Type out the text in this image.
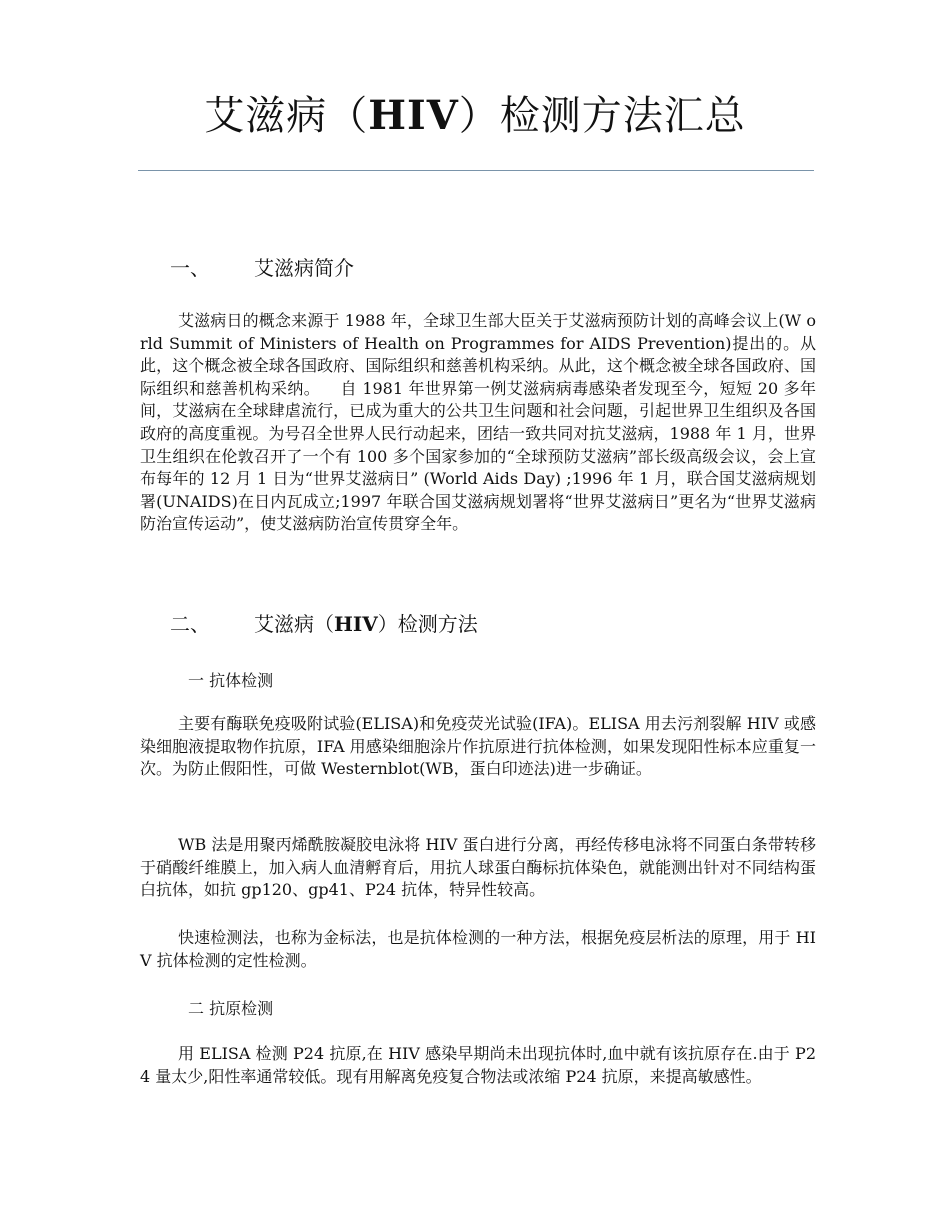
艾滋病（HIV）检测方法汇总
一、 艾滋病简介
艾滋病日的概念来源于 1988 年，全球卫生部大臣关于艾滋病预防计划的高峰会议上(W orld Summit of Ministers of Health on Programmes for AIDS Prevention)提出的。从此，这个概念被全球各国政府、国际组织和慈善机构采纳。从此，这个概念被全球各国政府、国际组织和慈善机构采纳。 自 1981 年世界第一例艾滋病病毒感染者发现至今，短短 20 多年间，艾滋病在全球肆虐流行，已成为重大的公共卫生问题和社会问题，引起世界卫生组织及各国政府的高度重视。为号召全世界人民行动起来，团结一致共同对抗艾滋病，1988 年 1 月，世界卫生组织在伦敦召开了一个有 100 多个国家参加的“全球预防艾滋病”部长级高级会议，会上宣布每年的 12 月 1 日为“世界艾滋病日” (World Aids Day) ;1996 年 1 月，联合国艾滋病规划署(UNAIDS)在日内瓦成立;1997 年联合国艾滋病规划署将“世界艾滋病日”更名为“世界艾滋病防治宣传运动”，使艾滋病防治宣传贯穿全年。
二、 艾滋病（HIV）检测方法
一 抗体检测
主要有酶联免疫吸附试验(ELISA)和免疫荧光试验(IFA)。ELISA 用去污剂裂解 HIV 或感染细胞液提取物作抗原，IFA 用感染细胞涂片作抗原进行抗体检测，如果发现阳性标本应重复一次。为防止假阳性，可做 Westernblot(WB，蛋白印迹法)进一步确证。
WB 法是用聚丙烯酰胺凝胶电泳将 HIV 蛋白进行分离，再经传移电泳将不同蛋白条带转移于硝酸纤维膜上，加入病人血清孵育后，用抗人球蛋白酶标抗体染色，就能测出针对不同结构蛋白抗体，如抗 gp120、gp41、P24 抗体，特异性较高。
快速检测法，也称为金标法，也是抗体检测的一种方法，根据免疫层析法的原理，用于 HIV 抗体检测的定性检测。
二 抗原检测
用 ELISA 检测 P24 抗原,在 HIV 感染早期尚未出现抗体时,血中就有该抗原存在.由于 P24 量太少,阳性率通常较低。现有用解离免疫复合物法或浓缩 P24 抗原，来提高敏感性。
